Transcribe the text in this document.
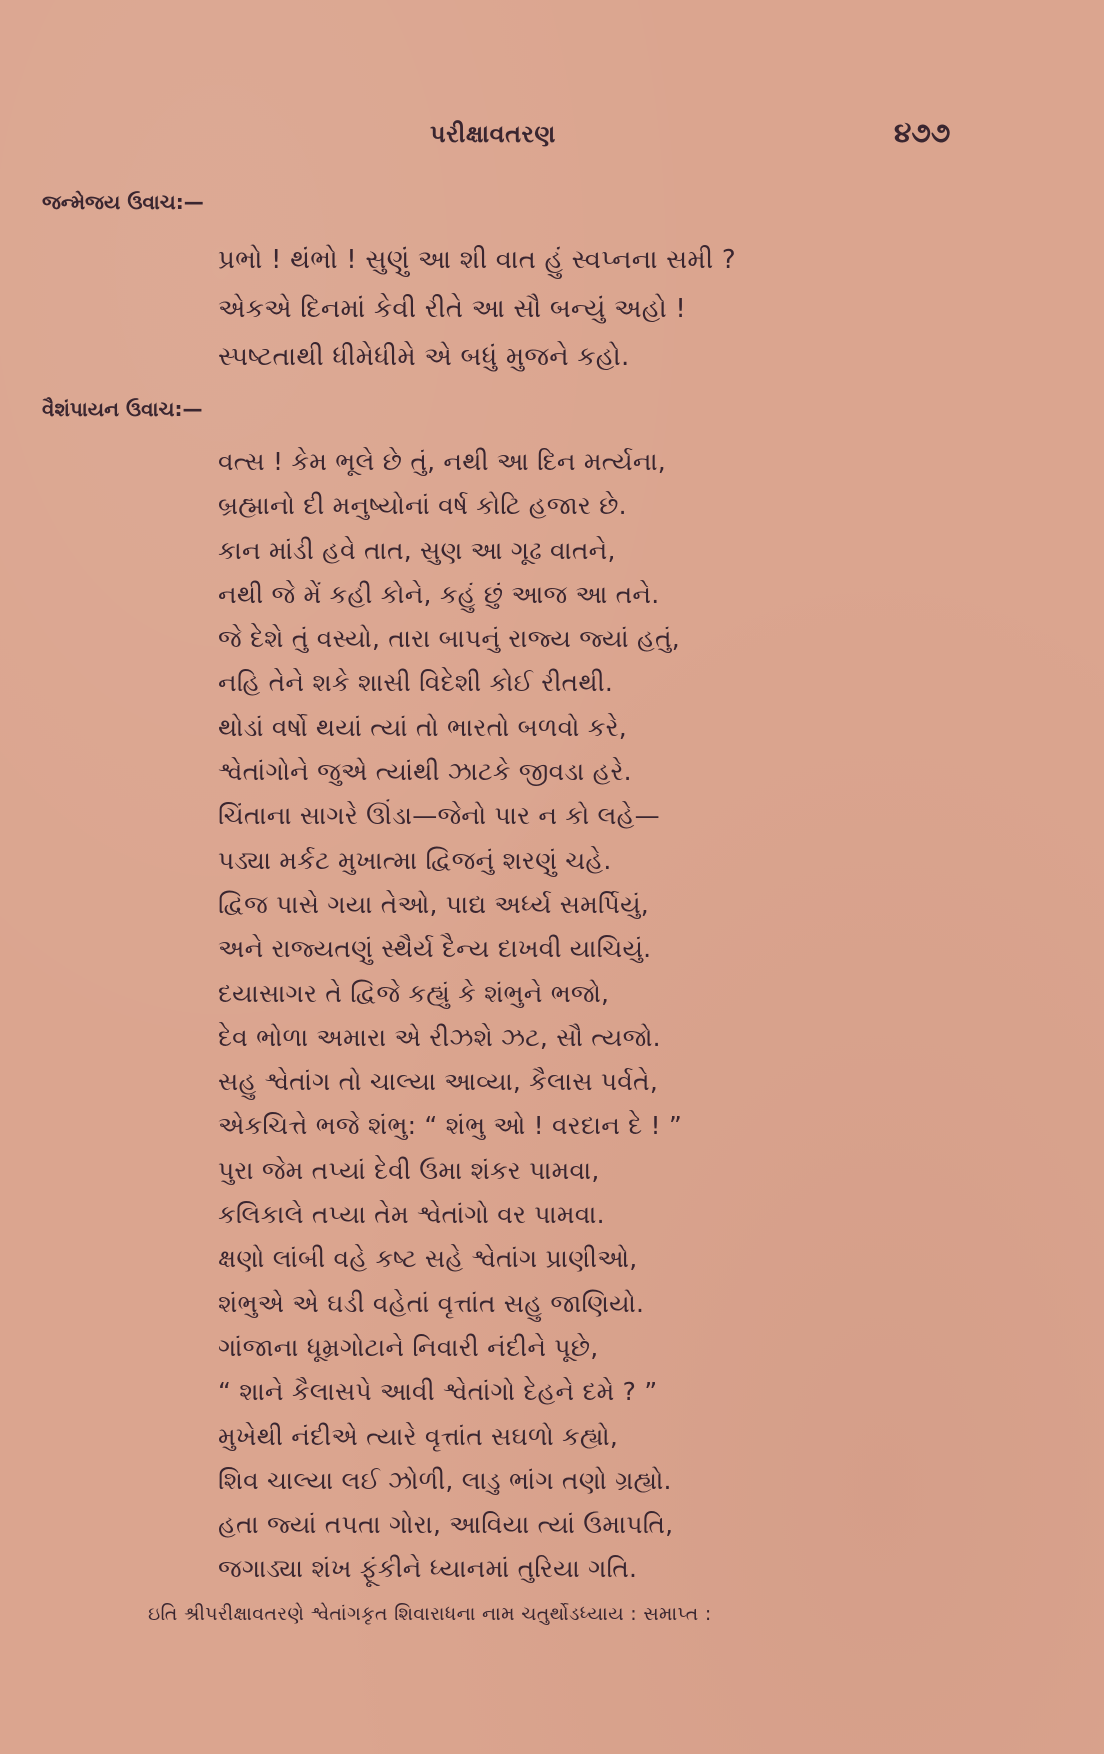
પરીક્ષાવતરણ	૪૭૭
જન્મેજય ઉવાચ:—
પ્રભો ! થંભો ! સુણું આ શી વાત હું સ્વપ્નના સમી ?
એકએ દિનમાં કેવી રીતે આ સૌ બન્યું અહો !
સ્પષ્ટતાથી ધીમેધીમે એ બધું મુજને કહો.
વૈશંપાયન ઉવાચ:—
વત્સ ! કેમ ભૂલે છે તું, નથી આ દિન મર્ત્યના,
બ્રહ્માનો દી મનુષ્યોનાં વર્ષ કોટિ હજાર છે.
કાન માંડી હવે તાત, સુણ આ ગૂઢ વાતને,
નથી જે મેં કહી કોને, કહું છું આજ આ તને.
જે દેશે તું વસ્યો, તારા બાપનું રાજ્ય જ્યાં હતું,
નહિ તેને શકે શાસી વિદેશી કોઈ રીતથી.
થોડાં વર્ષો થયાં ત્યાં તો ભારતો બળવો કરે,
શ્વેતાંગોને જુએ ત્યાંથી ઝાટકે જીવડા હરે.
ચિંતાના સાગરે ઊંડા—જેનો પાર ન કો લહે—
પડ્યા મર્કટ મુખાત્મા દ્વિજનું શરણું ચહે.
દ્વિજ પાસે ગયા તેઓ, પાદ્ય અર્ધ્ય સમર્પિયું,
અને રાજ્યતણું સ્થૈર્ય દૈન્ય દાખવી યાચિયું.
દયાસાગર તે દ્વિજે કહ્યું કે શંભુને ભજો,
દેવ ભોળા અમારા એ રીઝશે ઝટ, સૌ ત્યજો.
સહુ શ્વેતાંગ તો ચાલ્યા આવ્યા, કૈલાસ પર્વતે,
એકચિત્તે ભજે શંભુ: “ શંભુ ઓ ! વરદાન દે ! ”
પુરા જેમ તપ્યાં દેવી ઉમા શંકર પામવા,
કલિકાલે તપ્યા તેમ શ્વેતાંગો વર પામવા.
ક્ષણો લાંબી વહે કષ્ટ સહે શ્વેતાંગ પ્રાણીઓ,
શંભુએ એ ઘડી વહેતાં વૃત્તાંત સહુ જાણિયો.
ગાંજાના ધૂમ્રગોટાને નિવારી નંદીને પૂછે,
“ શાને કૈલાસપે આવી શ્વેતાંગો દેહને દમે ? ”
મુખેથી નંદીએ ત્યારે વૃત્તાંત સઘળો કહ્યો,
શિવ ચાલ્યા લઈ ઝોળી, લાડુ ભાંગ તણો ગ્રહ્યો.
હતા જ્યાં તપતા ગોરા, આવિયા ત્યાં ઉમાપતિ,
જગાડ્યા શંખ ફૂંકીને ધ્યાનમાં તુરિયા ગતિ.
ઇતિ શ્રીપરીક્ષાવતરણે શ્વેતાંગકૃત શિવારાધના નામ ચતુર્થોડધ્યાય : સમાપ્ત :
